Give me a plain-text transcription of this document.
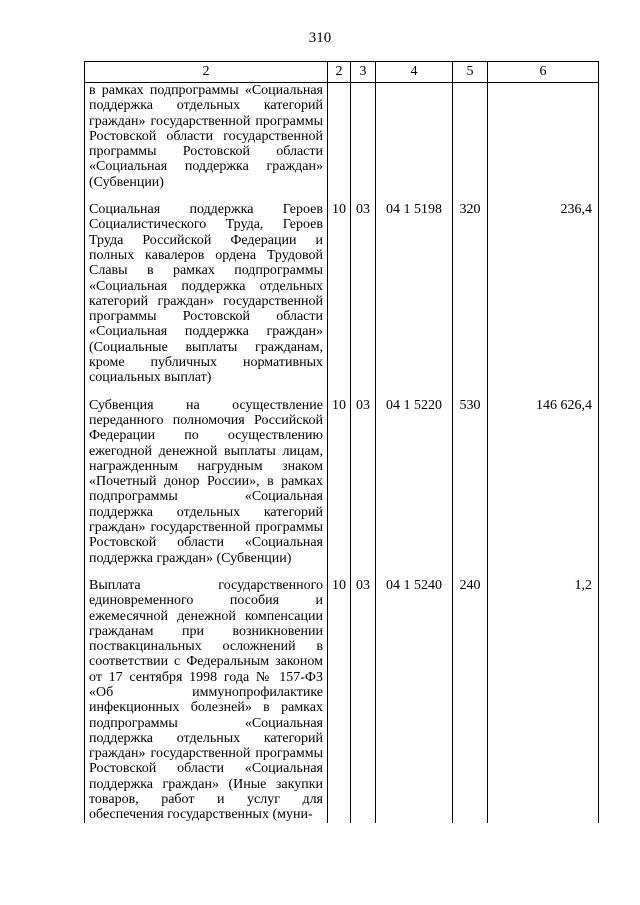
310
2	2	3	4	5	6
в рамках подпрограммы «Социальная поддержка отдельных категорий граждан» государственной программы Ростовской области государственной программы Ростовской области «Социальная поддержка граждан» (Субвенции)					

Социальная поддержка Героев Социалистического Труда, Героев Труда Российской Федерации и полных кавалеров ордена Трудовой Славы в рамках подпрограммы «Социальная поддержка отдельных категорий граждан» государственной программы Ростовской области «Социальная поддержка граждан» (Социальные выплаты гражданам, кроме публичных нормативных социальных выплат)	10	03	04 1 5198	320	236,4

Субвенция на осуществление переданного полномочия Российской Федерации по осуществлению ежегодной денежной выплаты лицам, награжденным нагрудным знаком «Почетный донор России», в рамках подпрограммы «Социальная поддержка отдельных категорий граждан» государственной программы Ростовской области «Социальная поддержка граждан» (Субвенции)	10	03	04 1 5220	530	146 626,4

Выплата государственного единовременного пособия и ежемесячной денежной компенсации гражданам при возникновении поствакцинальных осложнений в соответствии с Федеральным законом от 17 сентября 1998 года № 157-ФЗ «Об иммунопрофилактике инфекционных болезней» в рамках подпрограммы «Социальная поддержка отдельных категорий граждан» государственной программы Ростовской области «Социальная поддержка граждан» (Иные закупки товаров, работ и услуг для обеспечения государственных (муни-	10	03	04 1 5240	240	1,2
